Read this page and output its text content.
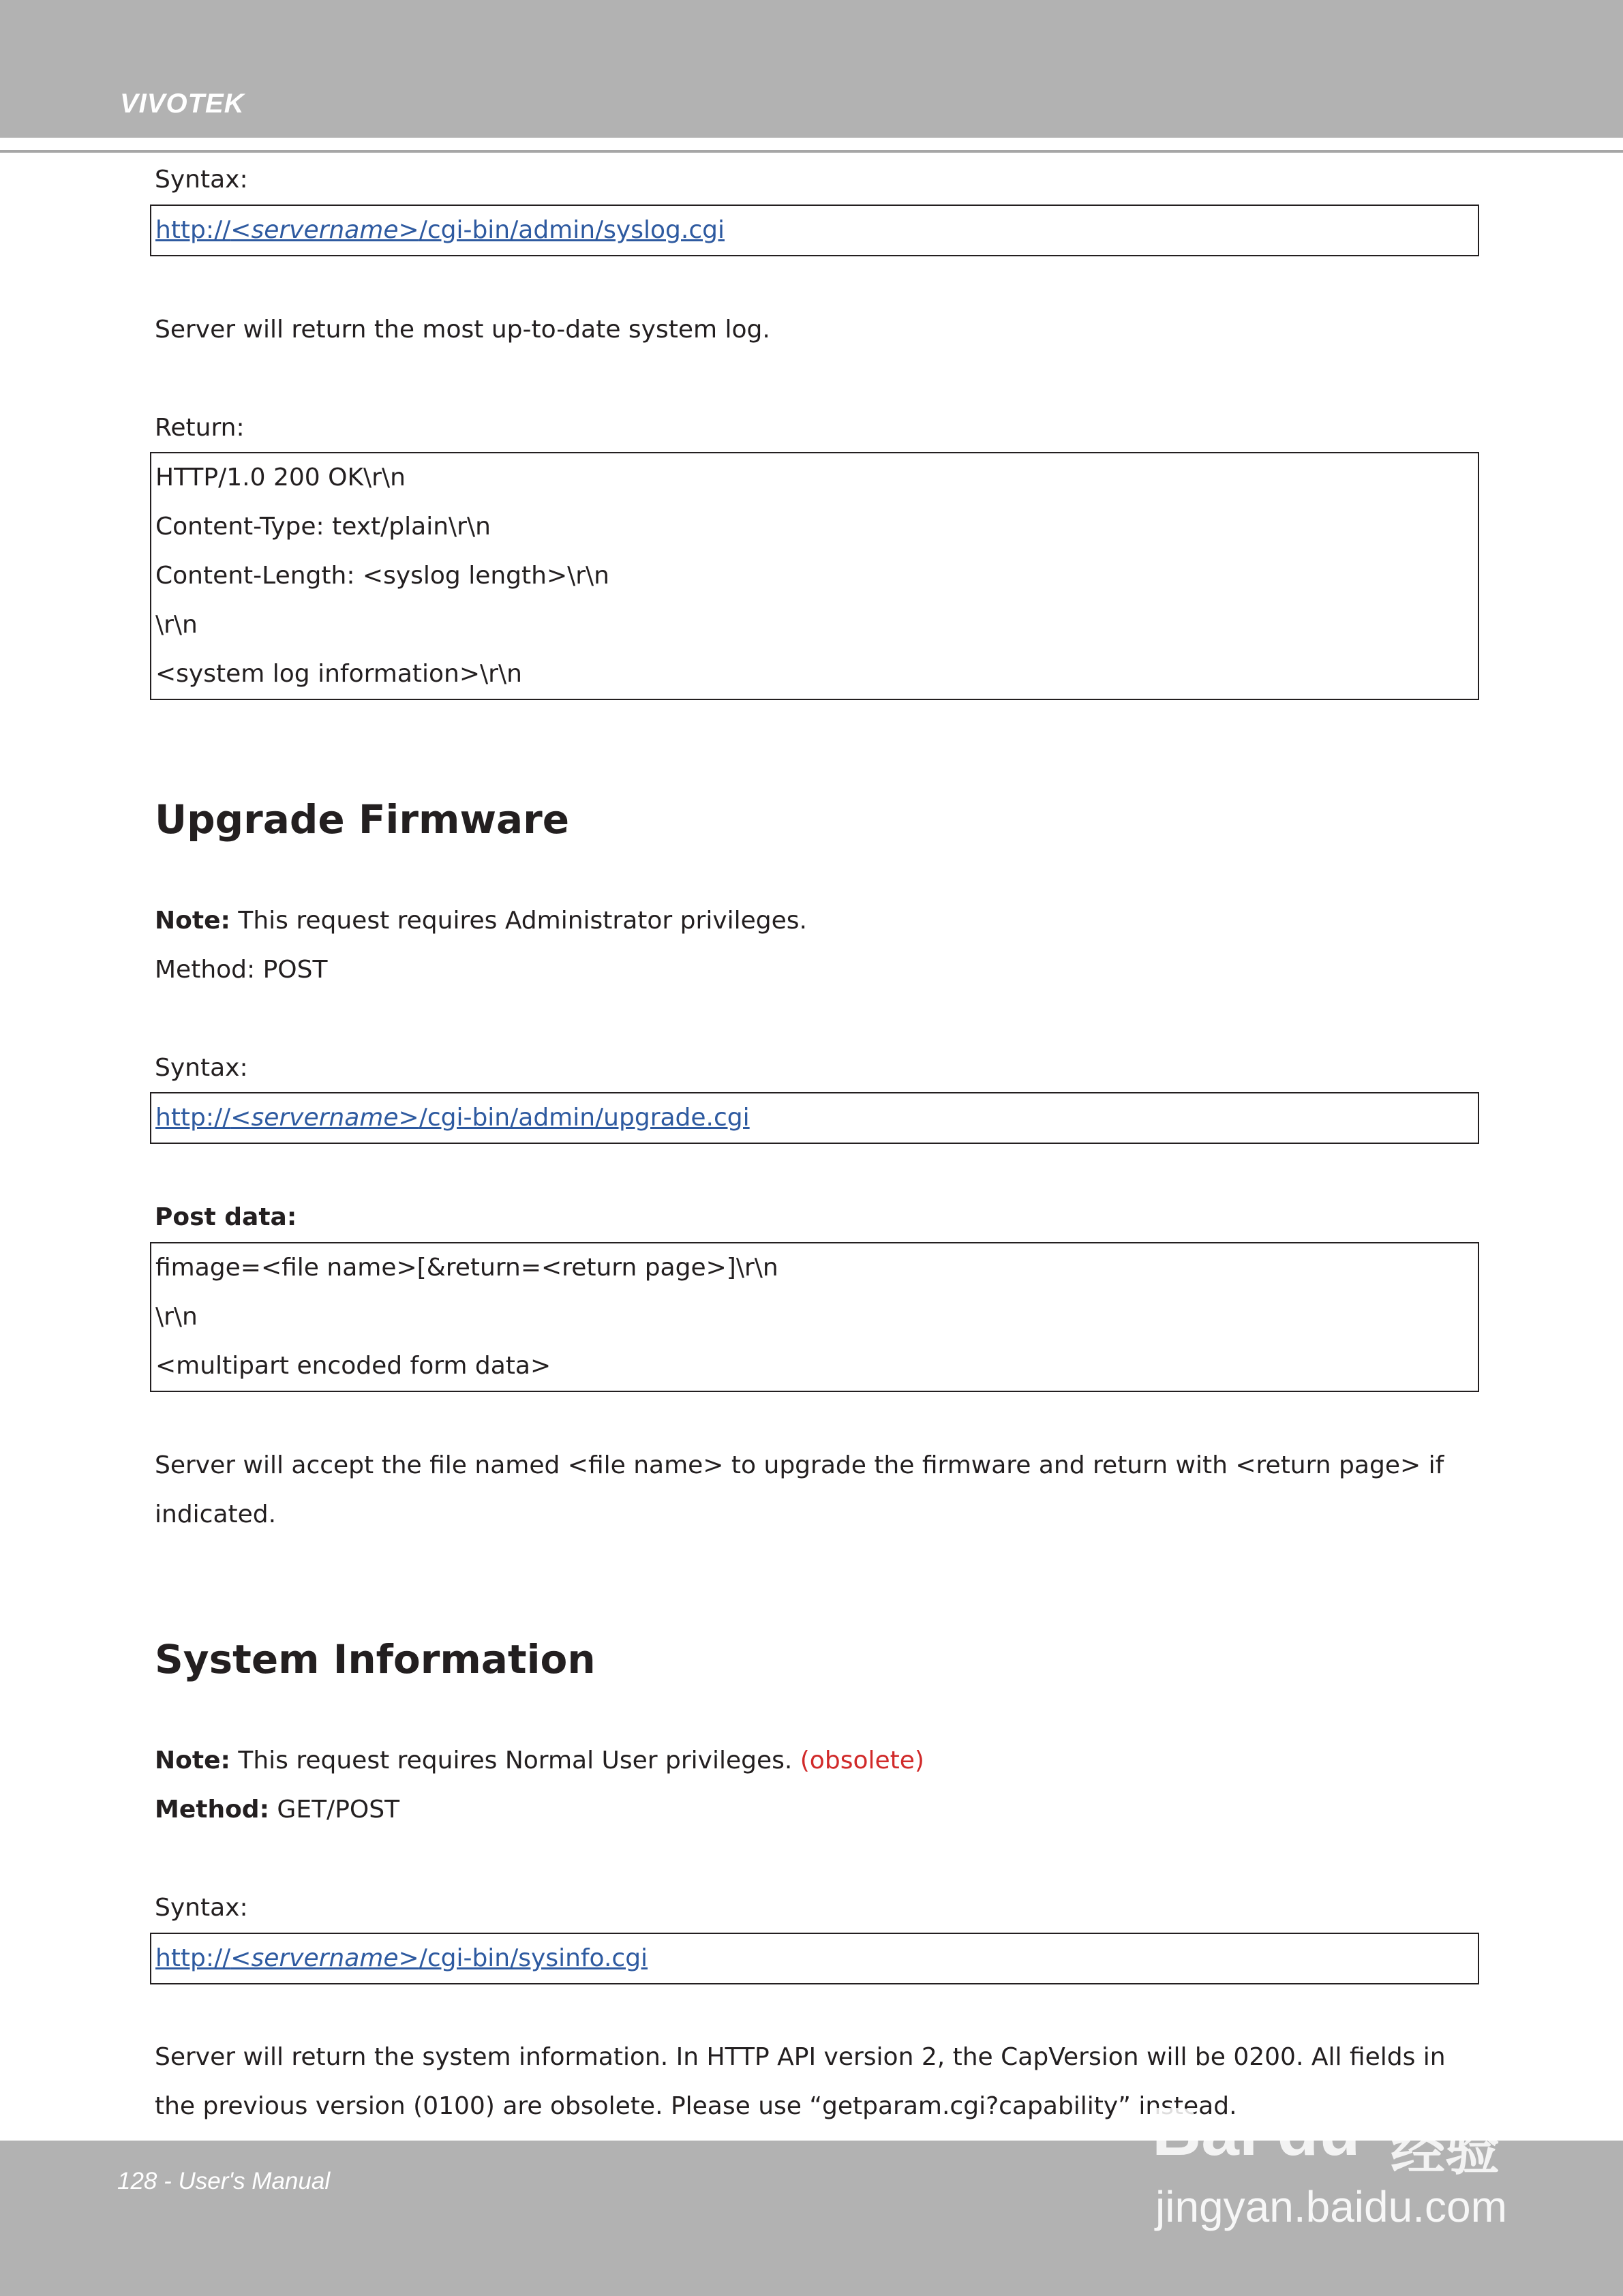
VIVOTEK
Syntax:
http://<servername>/cgi-bin/admin/syslog.cgi
Server will return the most up-to-date system log.
Return:
HTTP/1.0 200 OK\r\n
Content-Type: text/plain\r\n
Content-Length: <syslog length>\r\n
\r\n
<system log information>\r\n
Upgrade Firmware
Note: This request requires Administrator privileges.
Method: POST
Syntax:
http://<servername>/cgi-bin/admin/upgrade.cgi
Post data:
fimage=<file name>[&return=<return page>]\r\n
\r\n
<multipart encoded form data>
Server will accept the file named <file name> to upgrade the firmware and return with <return page> if indicated.
System Information
Note: This request requires Normal User privileges. (obsolete)
Method: GET/POST
Syntax:
http://<servername>/cgi-bin/sysinfo.cgi
Server will return the system information. In HTTP API version 2, the CapVersion will be 0200. All fields in the previous version (0100) are obsolete. Please use “getparam.cgi?capability” instead.
128 - User's Manual
Bai du 经验
jingyan.baidu.com
